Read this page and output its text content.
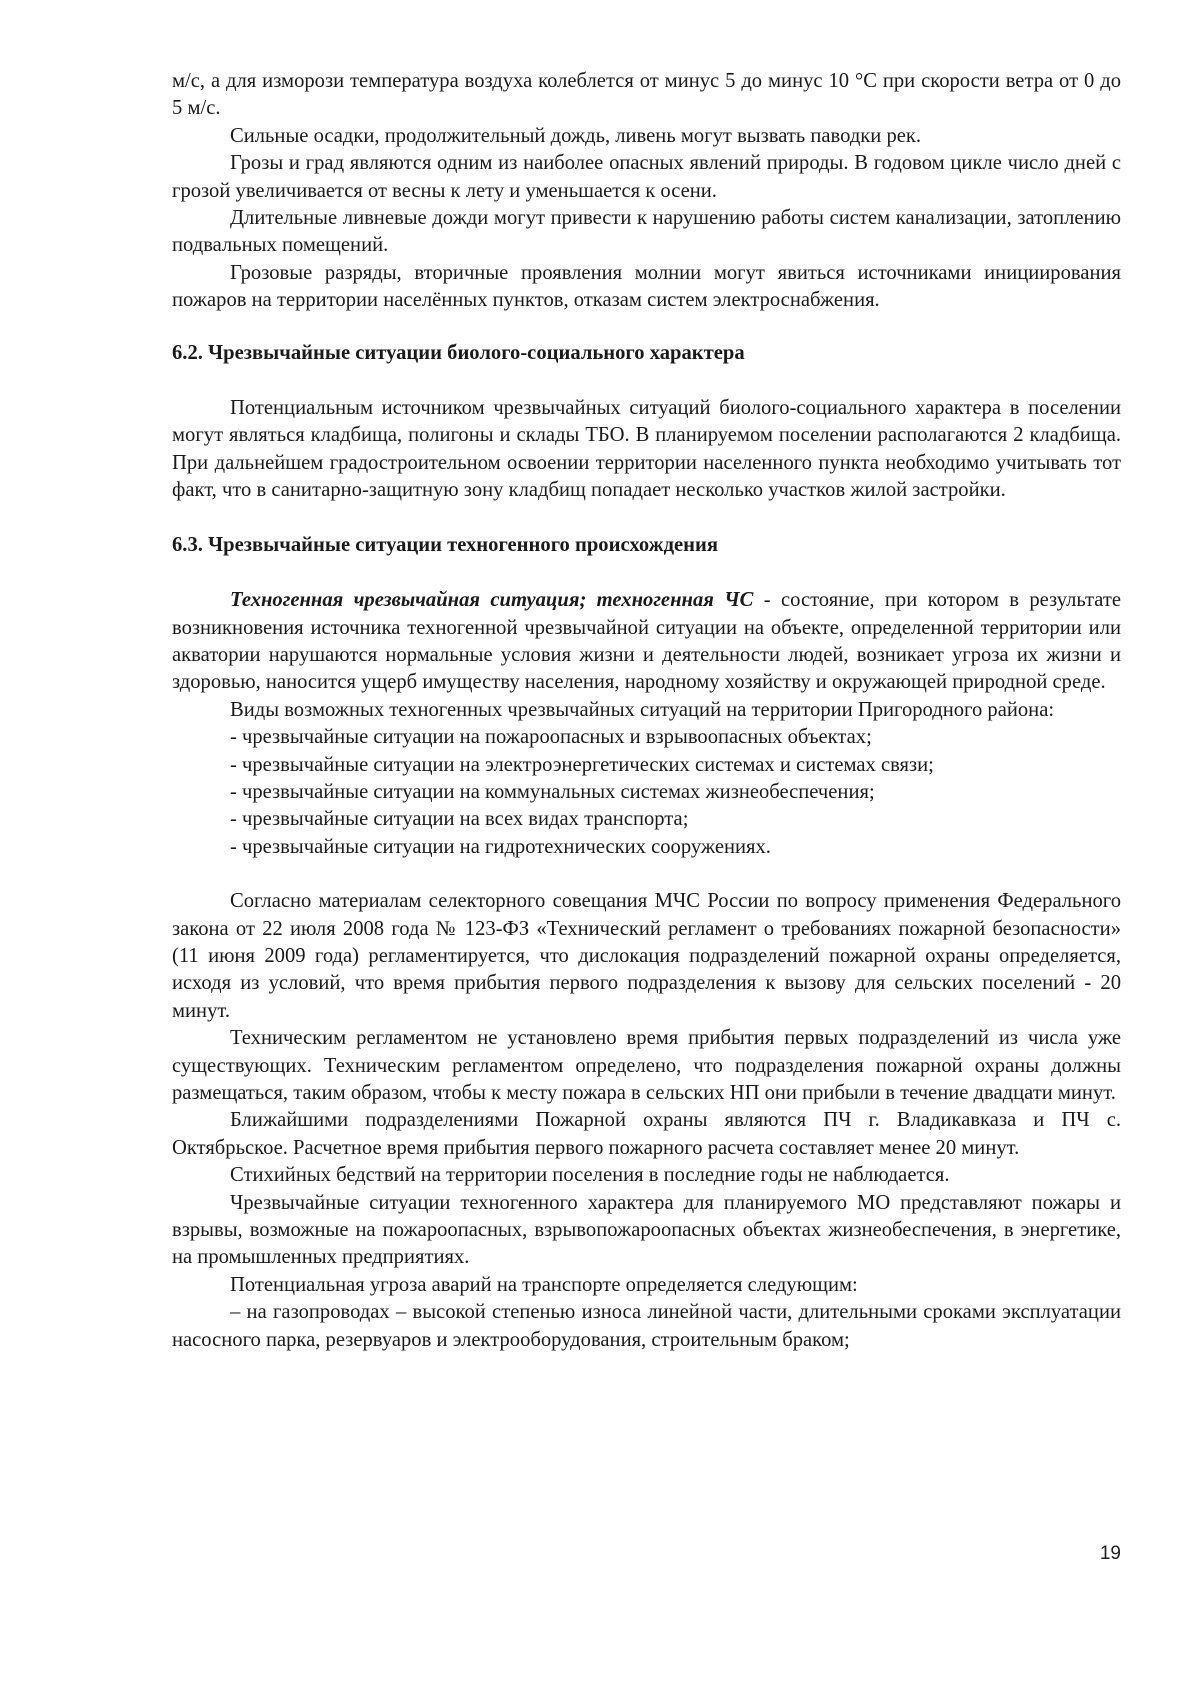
м/с, а для изморози температура воздуха колеблется от минус 5 до минус 10 °С при скорости ветра от 0 до 5 м/с.

Сильные осадки, продолжительный дождь, ливень могут вызвать паводки рек.

Грозы и град являются одним из наиболее опасных явлений природы. В годовом цикле число дней с грозой увеличивается от весны к лету и уменьшается к осени.

Длительные ливневые дожди могут привести к нарушению работы систем канализации, затоплению подвальных помещений.

Грозовые разряды, вторичные проявления молнии могут явиться источниками инициирования пожаров на территории населённых пунктов, отказам систем электроснабжения.

6.2. Чрезвычайные ситуации биолого-социального характера

Потенциальным источником чрезвычайных ситуаций биолого-социального характера в поселении могут являться кладбища, полигоны и склады ТБО. В планируемом поселении располагаются 2 кладбища. При дальнейшем градостроительном освоении территории населенного пункта необходимо учитывать тот факт, что в санитарно-защитную зону кладбищ попадает несколько участков жилой застройки.

6.3. Чрезвычайные ситуации техногенного происхождения

Техногенная чрезвычайная ситуация; техногенная ЧС - состояние, при котором в результате возникновения источника техногенной чрезвычайной ситуации на объекте, определенной территории или акватории нарушаются нормальные условия жизни и деятельности людей, возникает угроза их жизни и здоровью, наносится ущерб имуществу населения, народному хозяйству и окружающей природной среде.

Виды возможных техногенных чрезвычайных ситуаций на территории Пригородного района:

- чрезвычайные ситуации на пожароопасных и взрывоопасных объектах;

- чрезвычайные ситуации на электроэнергетических системах и системах связи;

- чрезвычайные ситуации на коммунальных системах жизнеобеспечения;

- чрезвычайные ситуации на всех видах транспорта;

- чрезвычайные ситуации на гидротехнических сооружениях.

Согласно материалам селекторного совещания МЧС России по вопросу применения Федерального закона от 22 июля 2008 года № 123-ФЗ «Технический регламент о требованиях пожарной безопасности» (11 июня 2009 года) регламентируется, что дислокация подразделений пожарной охраны определяется, исходя из условий, что время прибытия первого подразделения к вызову для сельских поселений - 20 минут.

Техническим регламентом не установлено время прибытия первых подразделений из числа уже существующих. Техническим регламентом определено, что подразделения пожарной охраны должны размещаться, таким образом, чтобы к месту пожара в сельских НП они прибыли в течение двадцати минут.

Ближайшими подразделениями Пожарной охраны являются ПЧ г. Владикавказа и ПЧ с. Октябрьское. Расчетное время прибытия первого пожарного расчета составляет менее 20 минут.

Стихийных бедствий на территории поселения в последние годы не наблюдается.

Чрезвычайные ситуации техногенного характера для планируемого МО представляют пожары и взрывы, возможные на пожароопасных, взрывопожароопасных объектах жизнеобеспечения, в энергетике, на промышленных предприятиях.

Потенциальная угроза аварий на транспорте определяется следующим:

– на газопроводах – высокой степенью износа линейной части, длительными сроками эксплуатации насосного парка, резервуаров и электрооборудования, строительным браком;

19
